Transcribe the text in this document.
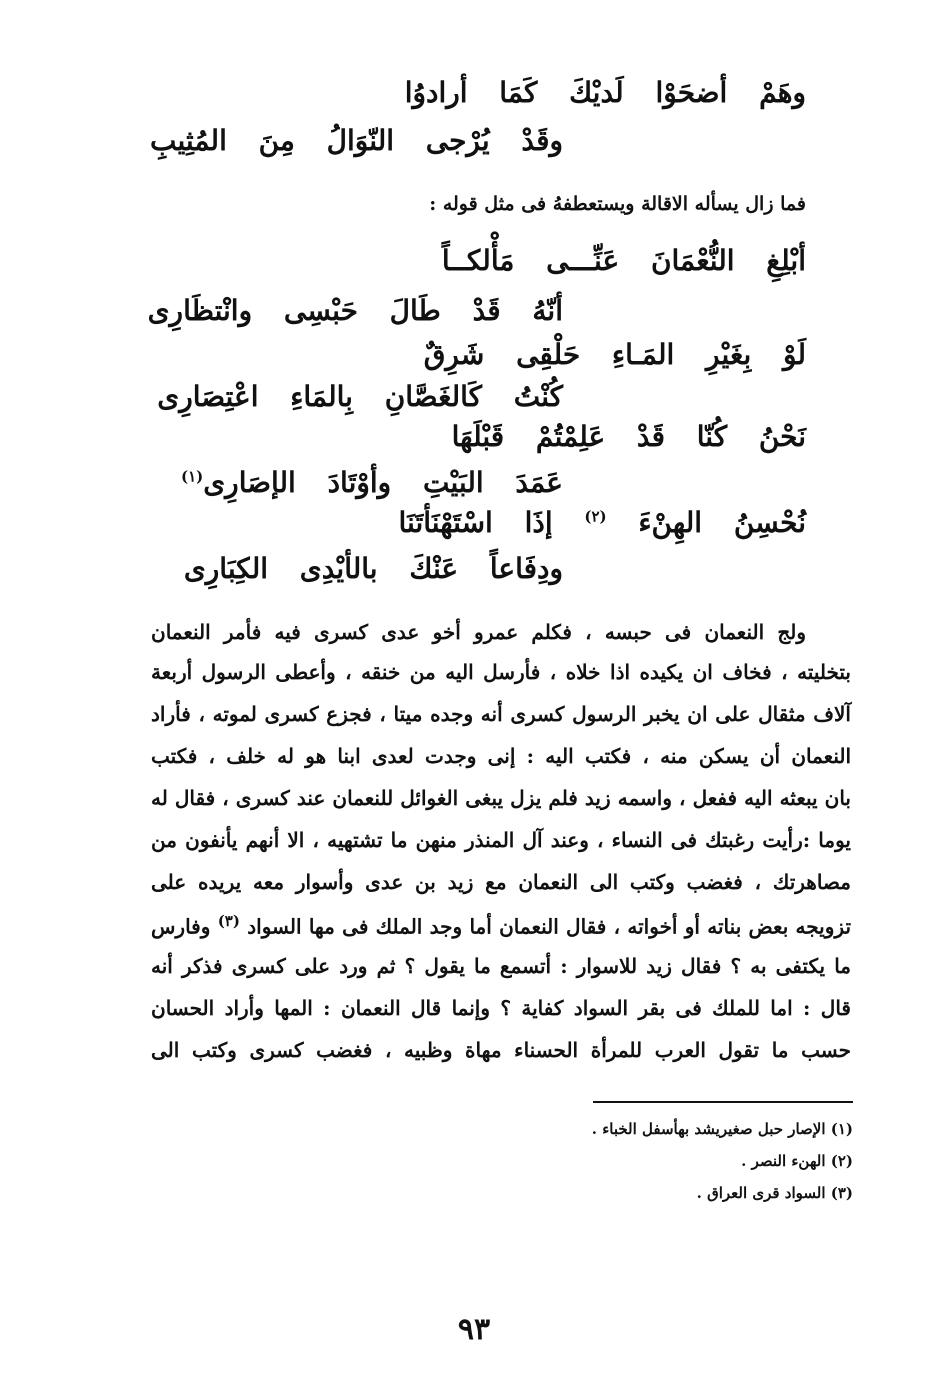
وهَمْ أضحَوْا لَديْكَ كَمَا أرادوُا
وقَدْ يُرْجى النّوَالُ مِنَ المُثِيبِ
فما زال يسأله الاقالة ويستعطفهُ فى مثل قوله :
أبْلِغِ النُّعْمَانَ عَنِّـــى مَأْلكــاً
أنّهُ قَدْ طَالَ حَبْسِى وانْتظَارِى
لَوْ بِغَيْرِ المَـاءِ حَلْقِى شَرِقٌ
كُنْتُ كَالغَصَّانِ بِالمَاءِ اعْتِصَارِى
نَحْنُ كُنّا قَدْ عَلِمْتُمْ قَبْلَهَا
عَمَدَ البَيْتِ وأوْتَادَ الإصَارِى$^{(١)}$
نُحْسِنُ الهِنْءَ $^{(٢)}$ إذَا اسْتَهْنَأتَنَا
ودِفَاعاً عَنْكَ بالأيْدِى الكِبَارِى
ولج النعمان فى حبسه ، فكلم عمرو أخو عدى كسرى فيه فأمر النعمان
بتخليته ، فخاف ان يكيده اذا خلاه ، فأرسل اليه من خنقه ، وأعطى الرسول أربعة
آلاف مثقال على ان يخبر الرسول كسرى أنه وجده ميتا ، فجزع كسرى لموته ، فأراد
النعمان أن يسكن منه ، فكتب اليه : إنى وجدت لعدى ابنا هو له خلف ، فكتب
بان يبعثه اليه ففعل ، واسمه زيد فلم يزل يبغى الغوائل للنعمان عند كسرى ، فقال له
يوما :رأيت رغبتك فى النساء ، وعند آل المنذر منهن ما تشتهيه ، الا أنهم يأنفون من
مصاهرتك ، فغضب وكتب الى النعمان مع زيد بن عدى وأسوار معه يريده على
تزويجه بعض بناته أو أخواته ، فقال النعمان أما وجد الملك فى مها السواد $^{(٣)}$ وفارس
ما يكتفى به ؟ فقال زيد للاسوار : أتسمع ما يقول ؟ ثم ورد على كسرى فذكر أنه
قال : اما للملك فى بقر السواد كفاية ؟ وإنما قال النعمان : المها وأراد الحسان
حسب ما تقول العرب للمرأة الحسناء مهاة وظبيه ، فغضب كسرى وكتب الى
(١) الإصار حبل صغيريشد بهأسفل الخباء .
(٢) الهنء النصر .
(٣) السواد قرى العراق .
٩٣
